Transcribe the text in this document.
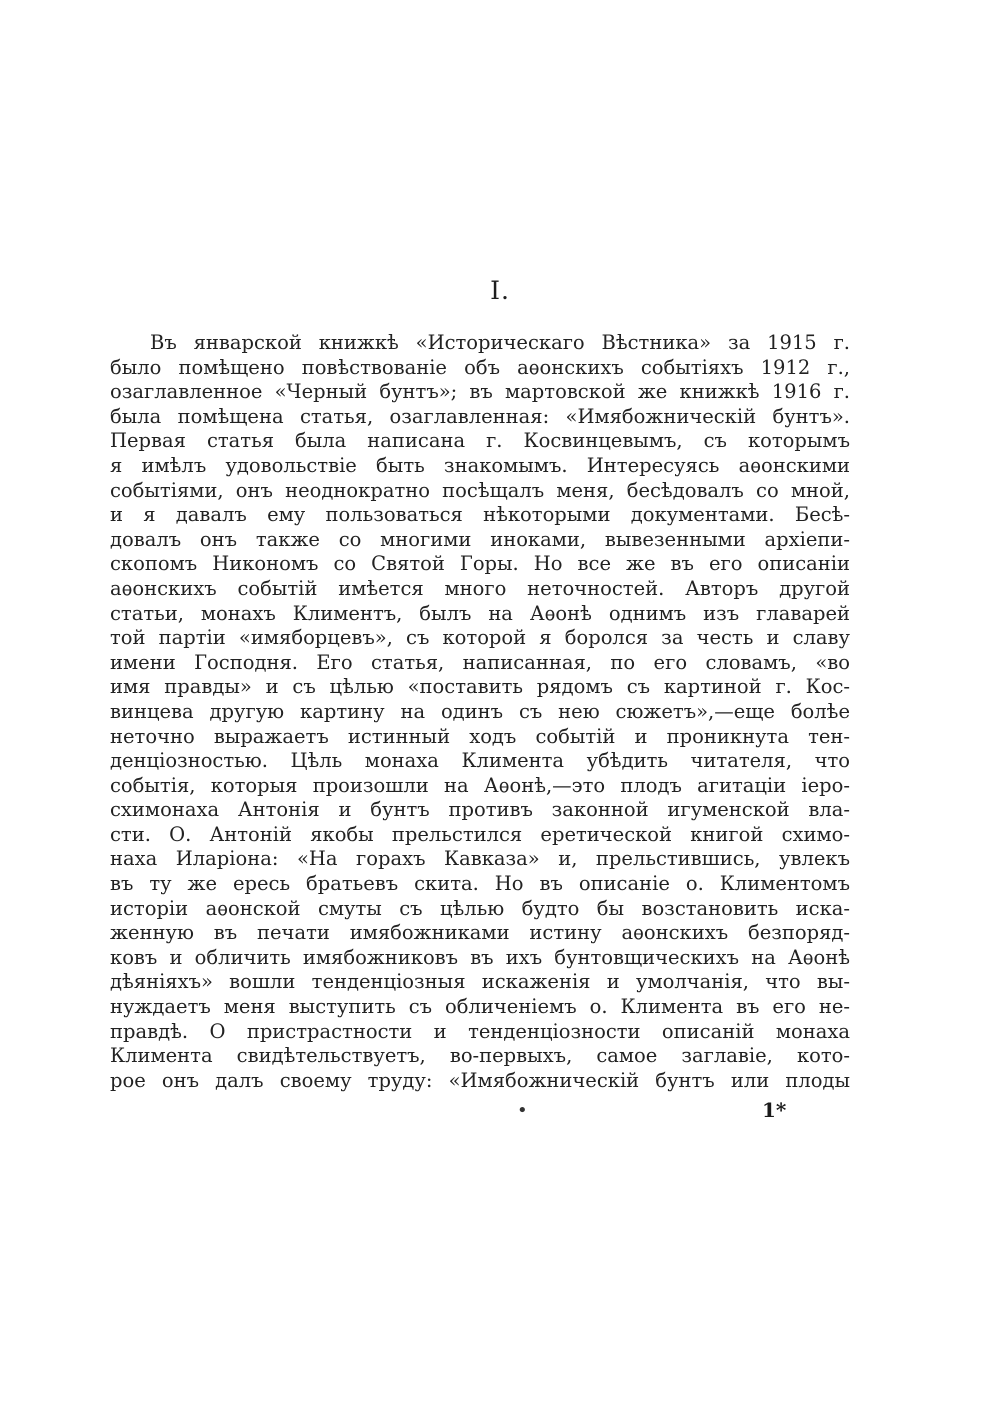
I.
Въ январской книжкѣ «Историческаго Вѣстника» за 1915 г.
было помѣщено повѣствованіе объ аѳонскихъ событіяхъ 1912 г.,
озаглавленное «Черный бунтъ»; въ мартовской же книжкѣ 1916 г.
была помѣщена статья, озаглавленная: «Имябожническій бунтъ».
Первая статья была написана г. Косвинцевымъ, съ которымъ
я имѣлъ удовольствіе быть знакомымъ. Интересуясь аѳонскими
событіями, онъ неоднократно посѣщалъ меня, бесѣдовалъ со мной,
и я давалъ ему пользоваться нѣкоторыми документами. Бесѣ-
довалъ онъ также со многими иноками, вывезенными архіепи-
скопомъ Никономъ со Святой Горы. Но все же въ его описаніи
аѳонскихъ событій имѣется много неточностей. Авторъ другой
статьи, монахъ Климентъ, былъ на Аѳонѣ однимъ изъ главарей
той партіи «имяборцевъ», съ которой я боролся за честь и славу
имени Господня. Его статья, написанная, по его словамъ, «во
имя правды» и съ цѣлью «поставить рядомъ съ картиной г. Кос-
винцева другую картину на одинъ съ нею сюжетъ»,—еще болѣе
неточно выражаетъ истинный ходъ событій и проникнута тен-
денціозностью. Цѣль монаха Климента убѣдить читателя, что
событія, которыя произошли на Аѳонѣ,—это плодъ агитаціи іеро-
схимонаха Антонія и бунтъ противъ законной игуменской вла-
сти. О. Антоній якобы прельстился еретической книгой схимо-
наха Иларіона: «На горахъ Кавказа» и, прельстившись, увлекъ
въ ту же ересь братьевъ скита. Но въ описаніе о. Климентомъ
исторіи аѳонской смуты съ цѣлью будто бы возстановить иска-
женную въ печати имябожниками истину аѳонскихъ безпоряд-
ковъ и обличить имябожниковъ въ ихъ бунтовщическихъ на Аѳонѣ
дѣяніяхъ» вошли тенденціозныя искаженія и умолчанія, что вы-
нуждаетъ меня выступить съ обличеніемъ о. Климента въ его не-
правдѣ. О пристрастности и тенденціозности описаній монаха
Климента свидѣтельствуетъ, во-первыхъ, самое заглавіе, кото-
рое онъ далъ своему труду: «Имябожническій бунтъ или плоды
•	1*
